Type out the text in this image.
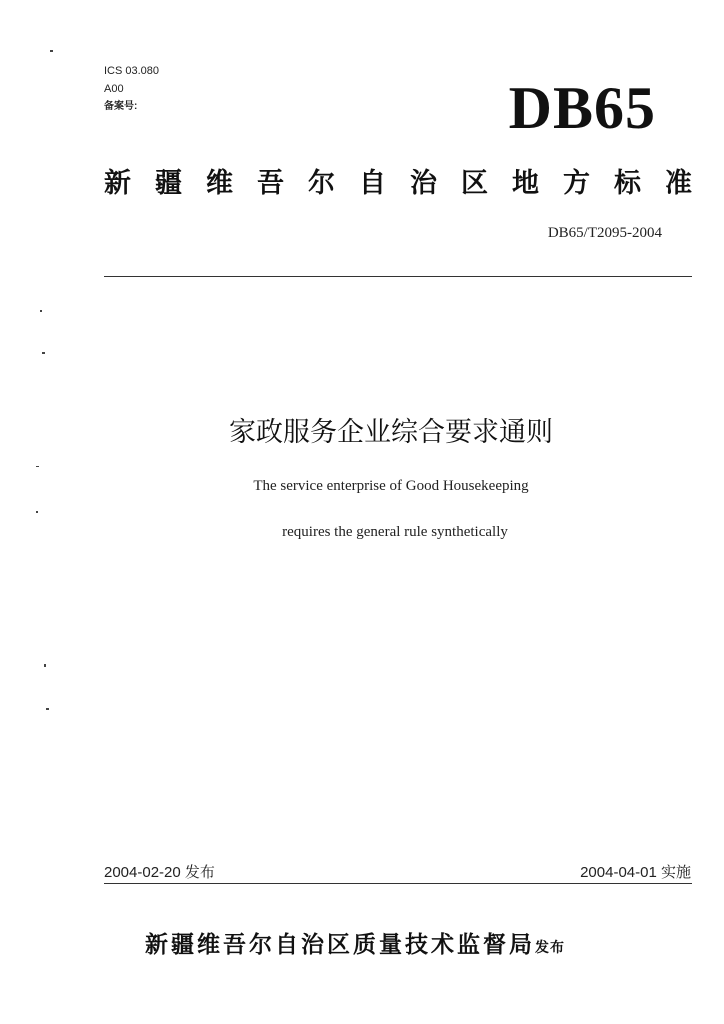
ICS 03.080
A00
备案号:	DB65
新 疆 维 吾 尔 自 治 区 地 方 标 准
DB65/T2095-2004
家政服务企业综合要求通则
The service enterprise of Good Housekeeping
requires the general rule synthetically
2004-02-20 发布	2004-04-01 实施
新疆维吾尔自治区质量技术监督局发布
